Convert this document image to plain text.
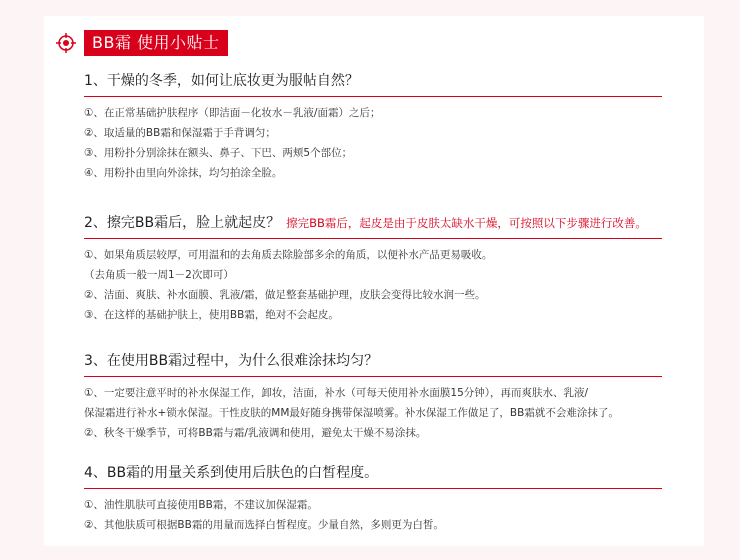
BB霜 使用小贴士
1、干燥的冬季，如何让底妆更为服帖自然？
①、在正常基础护肤程序（即洁面－化妆水－乳液/面霜）之后；
②、取适量的BB霜和保湿霜于手背调匀；
③、用粉扑分别涂抹在额头、鼻子、下巴、两颊5个部位；
④、用粉扑由里向外涂抹，均匀拍涂全脸。
2、擦完BB霜后，脸上就起皮？ 擦完BB霜后，起皮是由于皮肤太缺水干燥，可按照以下步骤进行改善。
①、如果角质层较厚，可用温和的去角质去除脸部多余的角质，以便补水产品更易吸收。
（去角质一般一周1－2次即可）
②、洁面、爽肤、补水面膜、乳液/霜，做足整套基础护理，皮肤会变得比较水润一些。
③、在这样的基础护肤上，使用BB霜，绝对不会起皮。
3、在使用BB霜过程中，为什么很难涂抹均匀？
①、一定要注意平时的补水保湿工作，卸妆，洁面，补水（可每天使用补水面膜15分钟），再而爽肤水、乳液/
保湿霜进行补水+锁水保湿。干性皮肤的MM最好随身携带保湿喷雾。补水保湿工作做足了，BB霜就不会难涂抹了。
②、秋冬干燥季节，可将BB霜与霜/乳液调和使用，避免太干燥不易涂抹。
4、BB霜的用量关系到使用后肤色的白皙程度。
①、油性肌肤可直接使用BB霜，不建议加保湿霜。
②、其他肤质可根据BB霜的用量而选择白皙程度。少量自然，多则更为白皙。
